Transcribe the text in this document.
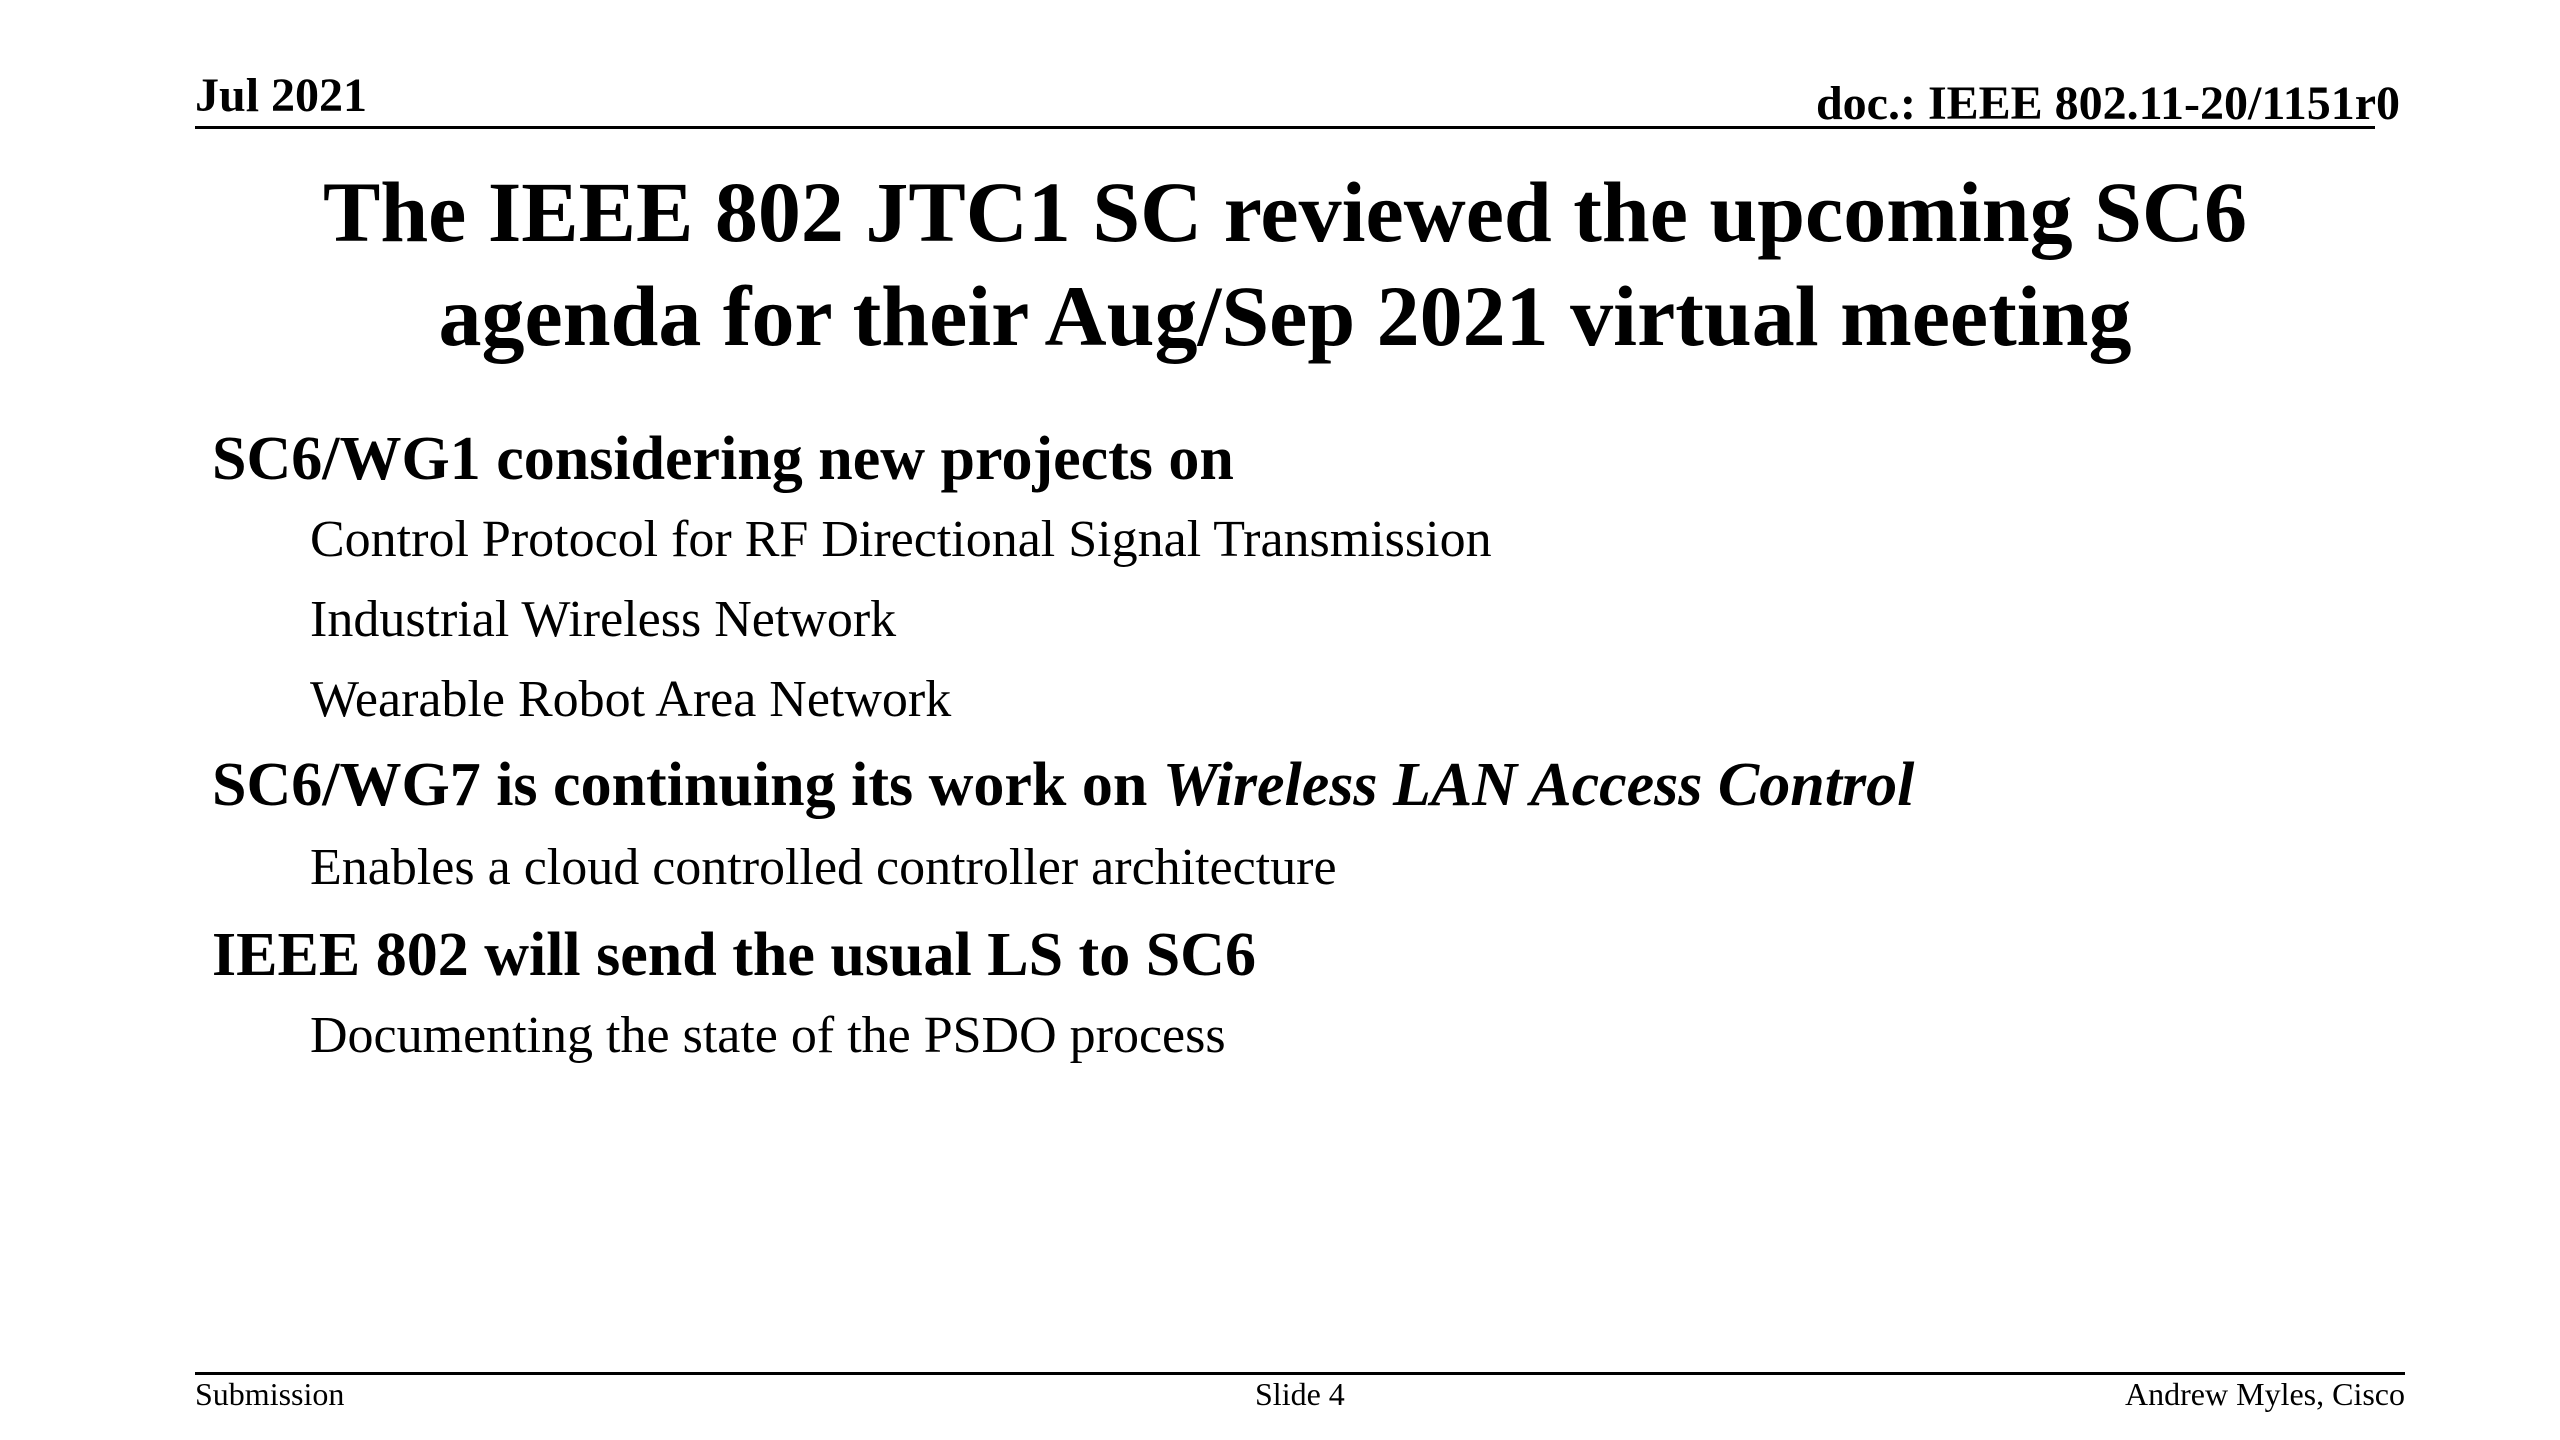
Jul 2021	doc.: IEEE 802.11-20/1151r0
The IEEE 802 JTC1 SC reviewed the upcoming SC6
agenda for their Aug/Sep 2021 virtual meeting
SC6/WG1 considering new projects on
Control Protocol for RF Directional Signal Transmission
Industrial Wireless Network
Wearable Robot Area Network
SC6/WG7 is continuing its work on Wireless LAN Access Control
Enables a cloud controlled controller architecture
IEEE 802 will send the usual LS to SC6
Documenting the state of the PSDO process
Submission	Slide 4	Andrew Myles, Cisco
